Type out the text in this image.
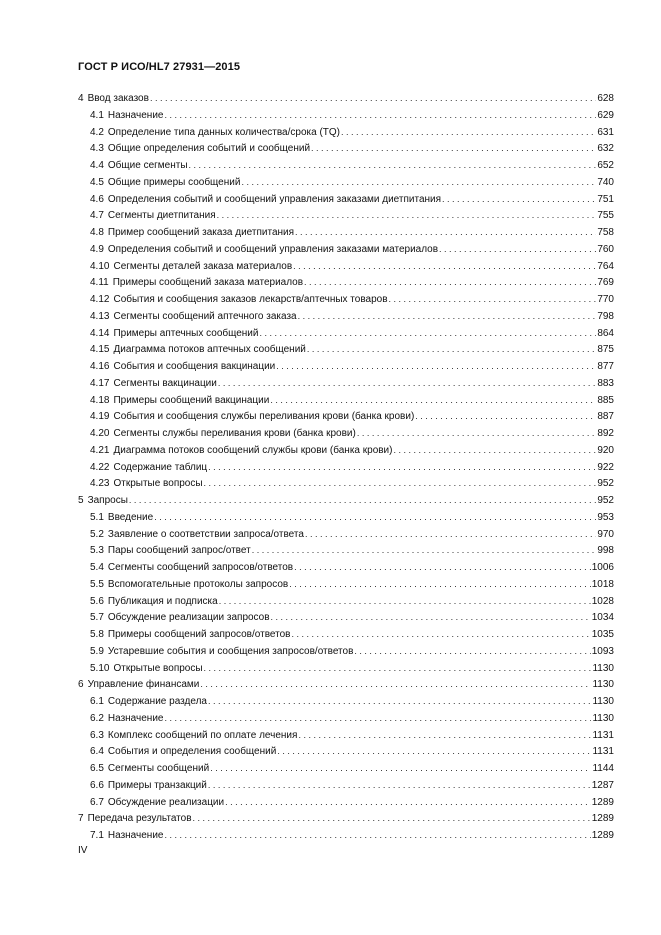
ГОСТ Р ИСО/HL7 27931—2015
4 Ввод заказов . . .	628
4.1 Назначение . . .	629
4.2 Определение типа данных количества/срока (TQ) . . .	631
4.3 Общие определения событий и сообщений . . .	632
4.4 Общие сегменты . . .	652
4.5 Общие примеры сообщений . . .	740
4.6 Определения событий и сообщений управления заказами диетпитания . . .	751
4.7 Сегменты диетпитания . . .	755
4.8 Пример сообщений заказа диетпитания . . .	758
4.9 Определения событий и сообщений управления заказами материалов . . .	760
4.10 Сегменты деталей заказа материалов . . .	764
4.11 Примеры сообщений заказа материалов . . .	769
4.12 События и сообщения заказов лекарств/аптечных товаров . . .	770
4.13 Сегменты сообщений аптечного заказа . . .	798
4.14 Примеры аптечных сообщений . . .	864
4.15 Диаграмма потоков аптечных сообщений . . .	875
4.16 События и сообщения вакцинации . . .	877
4.17 Сегменты вакцинации . . .	883
4.18 Примеры сообщений вакцинации . . .	885
4.19 События и сообщения службы переливания крови (банка крови) . . .	887
4.20 Сегменты службы переливания крови (банка крови) . . .	892
4.21 Диаграмма потоков сообщений службы крови (банка крови) . . .	920
4.22 Содержание таблиц . . .	922
4.23 Открытые вопросы . . .	952
5 Запросы . . .	952
5.1 Введение . . .	953
5.2 Заявление о соответствии запроса/ответа . . .	970
5.3 Пары сообщений запрос/ответ . . .	998
5.4 Сегменты сообщений запросов/ответов . . .	1006
5.5 Вспомогательные протоколы запросов . . .	1018
5.6 Публикация и подписка . . .	1028
5.7 Обсуждение реализации запросов . . .	1034
5.8 Примеры сообщений запросов/ответов . . .	1035
5.9 Устаревшие события и сообщения запросов/ответов . . .	1093
5.10 Открытые вопросы . . .	1130
6 Управление финансами . . .	1130
6.1 Содержание раздела . . .	1130
6.2 Назначение . . .	1130
6.3 Комплекс сообщений по оплате лечения . . .	1131
6.4 События и определения сообщений . . .	1131
6.5 Сегменты сообщений . . .	1144
6.6 Примеры транзакций . . .	1287
6.7 Обсуждение реализации . . .	1289
7 Передача результатов . . .	1289
7.1 Назначение . . .	1289
IV
